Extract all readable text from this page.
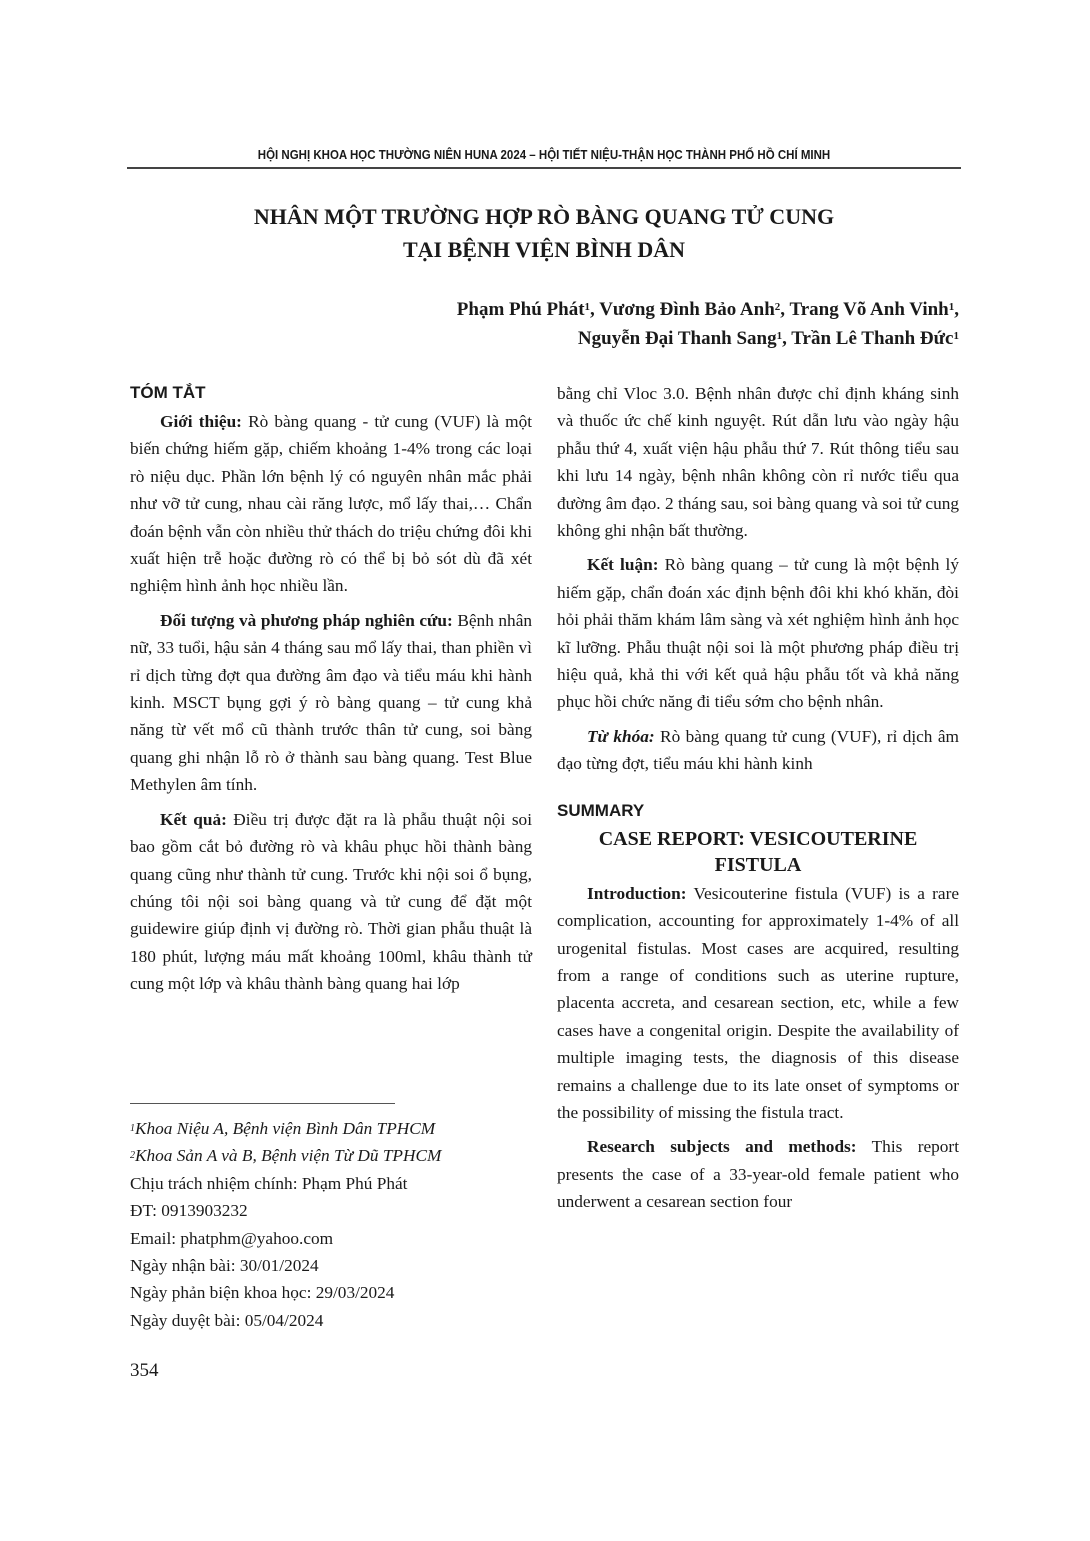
HỘI NGHỊ KHOA HỌC THƯỜNG NIÊN HUNA 2024 – HỘI TIẾT NIỆU-THẬN HỌC THÀNH PHỐ HỒ CHÍ MINH
NHÂN MỘT TRƯỜNG HỢP RÒ BÀNG QUANG TỬ CUNG
TẠI BỆNH VIỆN BÌNH DÂN
Phạm Phú Phát$^1$, Vương Đình Bảo Anh$^2$, Trang Võ Anh Vinh$^1$,
Nguyễn Đại Thanh Sang$^1$, Trần Lê Thanh Đức$^1$
TÓM TẮT

Giới thiệu: Rò bàng quang - tử cung (VUF) là một biến chứng hiếm gặp, chiếm khoảng 1-4% trong các loại rò niệu dục. Phần lớn bệnh lý có nguyên nhân mắc phải như vỡ tử cung, nhau cài răng lược, mổ lấy thai,… Chẩn đoán bệnh vẫn còn nhiều thử thách do triệu chứng đôi khi xuất hiện trễ hoặc đường rò có thể bị bỏ sót dù đã xét nghiệm hình ảnh học nhiều lần.

Đối tượng và phương pháp nghiên cứu: Bệnh nhân nữ, 33 tuổi, hậu sản 4 tháng sau mổ lấy thai, than phiền vì rỉ dịch từng đợt qua đường âm đạo và tiểu máu khi hành kinh. MSCT bụng gợi ý rò bàng quang – tử cung khả năng từ vết mổ cũ thành trước thân tử cung, soi bàng quang ghi nhận lỗ rò ở thành sau bàng quang. Test Blue Methylen âm tính.

Kết quả: Điều trị được đặt ra là phẫu thuật nội soi bao gồm cắt bỏ đường rò và khâu phục hồi thành bàng quang cũng như thành tử cung. Trước khi nội soi ổ bụng, chúng tôi nội soi bàng quang và tử cung để đặt một guidewire giúp định vị đường rò. Thời gian phẫu thuật là 180 phút, lượng máu mất khoảng 100ml, khâu thành tử cung một lớp và khâu thành bàng quang hai lớp

$^1$Khoa Niệu A, Bệnh viện Bình Dân TPHCM
$^2$Khoa Sản A và B, Bệnh viện Từ Dũ TPHCM
Chịu trách nhiệm chính: Phạm Phú Phát
ĐT: 0913903232
Email: phatphm@yahoo.com
Ngày nhận bài: 30/01/2024
Ngày phản biện khoa học: 29/03/2024
Ngày duyệt bài: 05/04/2024

bằng chỉ Vloc 3.0. Bệnh nhân được chỉ định kháng sinh và thuốc ức chế kinh nguyệt. Rút dẫn lưu vào ngày hậu phẫu thứ 4, xuất viện hậu phẫu thứ 7. Rút thông tiểu sau khi lưu 14 ngày, bệnh nhân không còn rỉ nước tiểu qua đường âm đạo. 2 tháng sau, soi bàng quang và soi tử cung không ghi nhận bất thường.

Kết luận: Rò bàng quang – tử cung là một bệnh lý hiếm gặp, chẩn đoán xác định bệnh đôi khi khó khăn, đòi hỏi phải thăm khám lâm sàng và xét nghiệm hình ảnh học kĩ lưỡng. Phẫu thuật nội soi là một phương pháp điều trị hiệu quả, khả thi với kết quả hậu phẫu tốt và khả năng phục hồi chức năng đi tiểu sớm cho bệnh nhân.

Từ khóa: Rò bàng quang tử cung (VUF), rỉ dịch âm đạo từng đợt, tiểu máu khi hành kinh

SUMMARY
CASE REPORT: VESICOUTERINE FISTULA

Introduction: Vesicouterine fistula (VUF) is a rare complication, accounting for approximately 1-4% of all urogenital fistulas. Most cases are acquired, resulting from a range of conditions such as uterine rupture, placenta accreta, and cesarean section, etc, while a few cases have a congenital origin. Despite the availability of multiple imaging tests, the diagnosis of this disease remains a challenge due to its late onset of symptoms or the possibility of missing the fistula tract.

Research subjects and methods: This report presents the case of a 33-year-old female patient who underwent a cesarean section four

354
